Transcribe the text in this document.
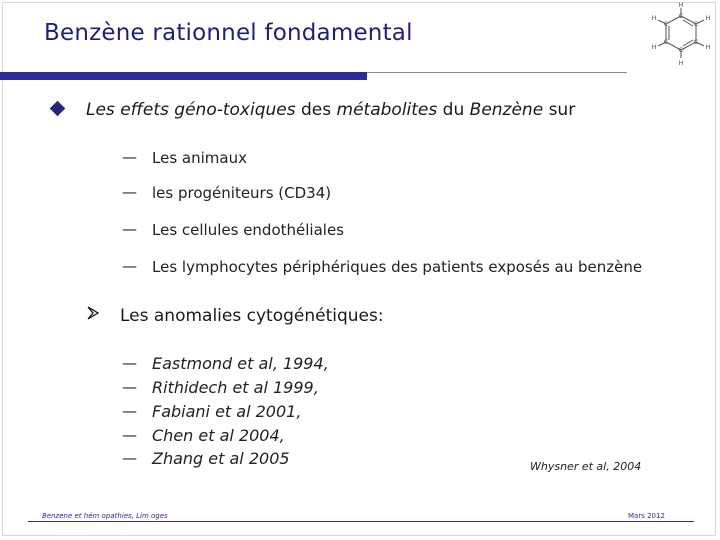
Benzène rationnel fondamental
H
C	H
C
H
C
H
C
H
C
H
C
Les effets géno-toxiques des métabolites du Benzène sur
— Les animaux
— les progéniteurs (CD34)
— Les cellules endothéliales
— Les lymphocytes périphériques des patients exposés au benzène
Les anomalies cytogénétiques:
— Eastmond et al, 1994,
— Rithidech et al 1999,
— Fabiani et al 2001,
— Chen et al 2004,
— Zhang et al 2005	Whysner et al, 2004
Benzene et hém opathies, Lim oges	Mars 2012
